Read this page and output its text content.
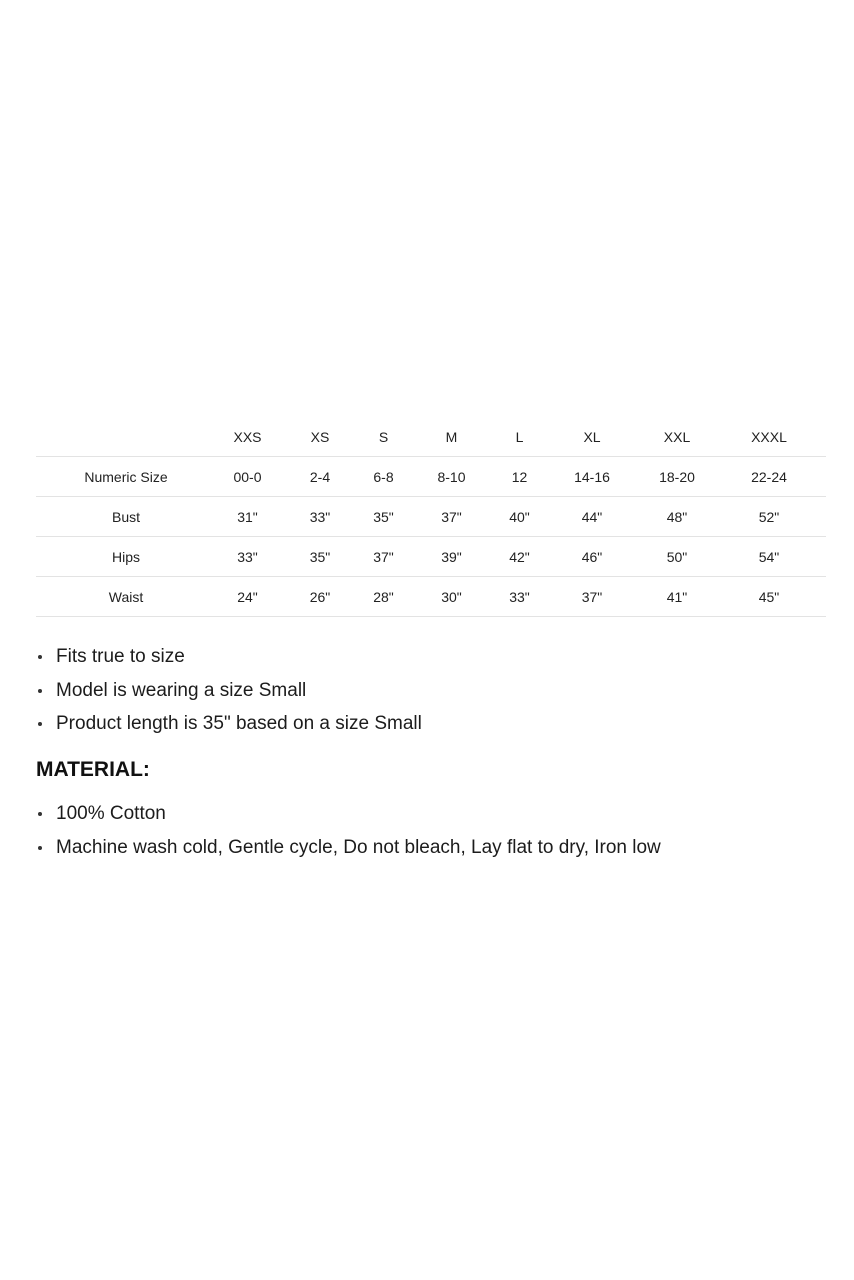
	XXS	XS	S	M	L	XL	XXL	XXXL
Numeric Size	00-0	2-4	6-8	8-10	12	14-16	18-20	22-24
Bust	31"	33"	35"	37"	40"	44"	48"	52"
Hips	33"	35"	37"	39"	42"	46"	50"	54"
Waist	24"	26"	28"	30"	33"	37"	41"	45"
Fits true to size
Model is wearing a size Small
Product length is 35" based on a size Small
MATERIAL:
100% Cotton
Machine wash cold, Gentle cycle, Do not bleach, Lay flat to dry, Iron low
